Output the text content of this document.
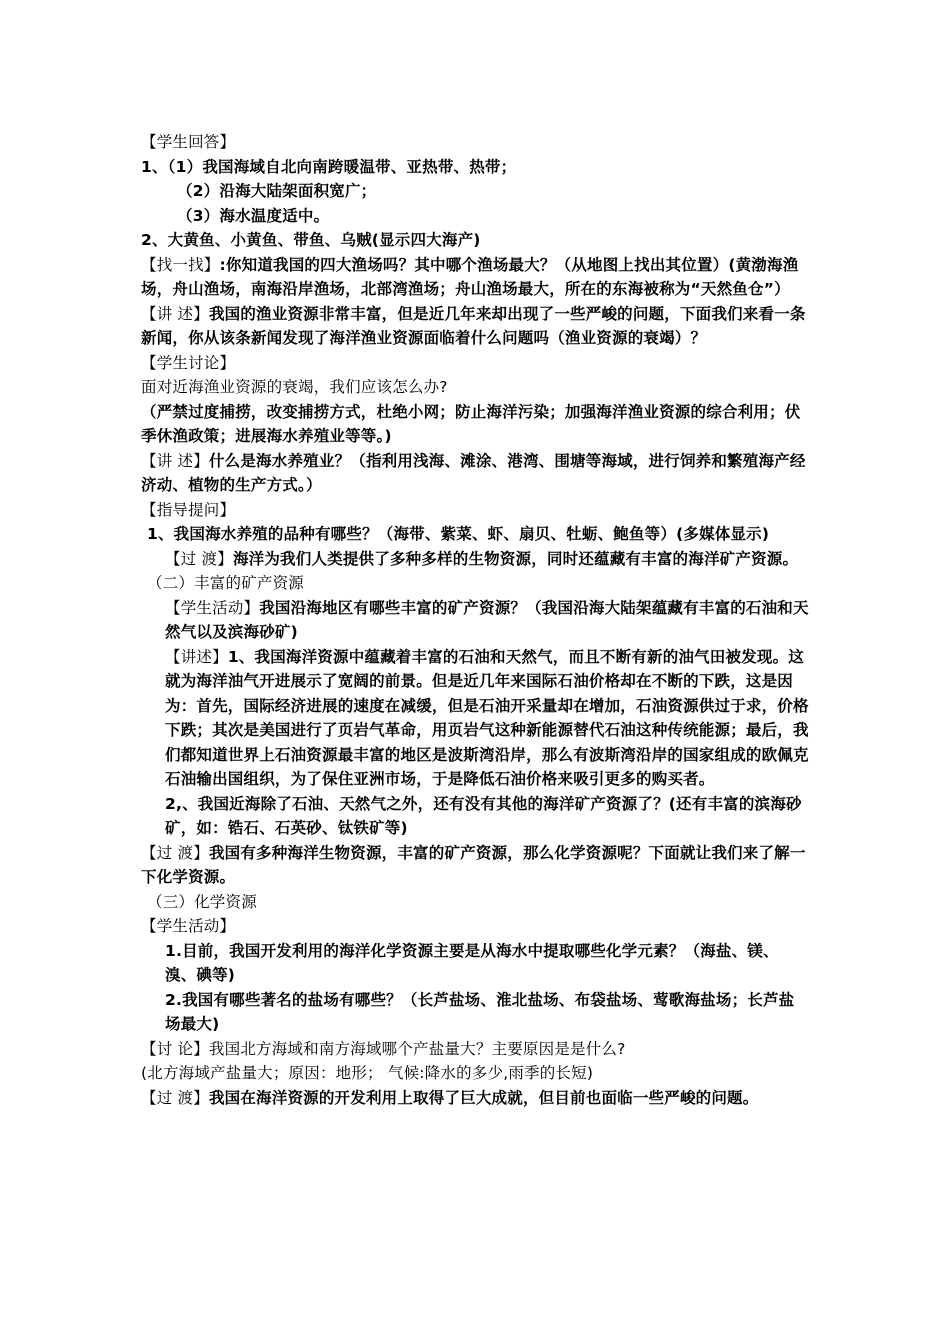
【学生回答】

1、（1）我国海域自北向南跨暖温带、亚热带、热带；

（2）沿海大陆架面积宽广；

（3）海水温度适中。

2、大黄鱼、小黄鱼、带鱼、乌贼(显示四大海产)

【找一找】:你知道我国的四大渔场吗？其中哪个渔场最大？（从地图上找出其位置）(黄渤海渔场，舟山渔场，南海沿岸渔场，北部湾渔场；舟山渔场最大，所在的东海被称为“天然鱼仓”）

【讲 述】我国的渔业资源非常丰富，但是近几年来却出现了一些严峻的问题，下面我们来看一条新闻，你从该条新闻发现了海洋渔业资源面临着什么问题吗（渔业资源的衰竭）？

【学生讨论】

面对近海渔业资源的衰竭，我们应该怎么办?

（严禁过度捕捞，改变捕捞方式，杜绝小网；防止海洋污染；加强海洋渔业资源的综合利用；伏季休渔政策；进展海水养殖业等等。)

【讲 述】什么是海水养殖业？（指利用浅海、滩涂、港湾、围塘等海域，进行饲养和繁殖海产经济动、植物的生产方式。）

【指导提问】

1、我国海水养殖的品种有哪些？（海带、紫菜、虾、扇贝、牡蛎、鲍鱼等）(多媒体显示)

【过 渡】海洋为我们人类提供了多种多样的生物资源，同时还蕴藏有丰富的海洋矿产资源。

（二）丰富的矿产资源

【学生活动】我国沿海地区有哪些丰富的矿产资源？（我国沿海大陆架蕴藏有丰富的石油和天然气以及滨海砂矿)

【讲述】1、我国海洋资源中蕴藏着丰富的石油和天然气，而且不断有新的油气田被发现。这就为海洋油气开进展示了宽阔的前景。但是近几年来国际石油价格却在不断的下跌，这是因为：首先，国际经济进展的速度在减缓，但是石油开采量却在增加，石油资源供过于求，价格下跌；其次是美国进行了页岩气革命，用页岩气这种新能源替代石油这种传统能源；最后，我们都知道世界上石油资源最丰富的地区是波斯湾沿岸，那么有波斯湾沿岸的国家组成的欧佩克石油输出国组织，为了保住亚洲市场，于是降低石油价格来吸引更多的购买者。

2,、我国近海除了石油、天然气之外，还有没有其他的海洋矿产资源了？(还有丰富的滨海砂矿，如：锆石、石英砂、钛铁矿等)

【过 渡】我国有多种海洋生物资源，丰富的矿产资源，那么化学资源呢？下面就让我们来了解一下化学资源。

（三）化学资源

【学生活动】

1.目前，我国开发利用的海洋化学资源主要是从海水中提取哪些化学元素？（海盐、镁、溴、碘等)

2.我国有哪些著名的盐场有哪些？（长芦盐场、淮北盐场、布袋盐场、莺歌海盐场；长芦盐场最大)

【讨 论】我国北方海域和南方海域哪个产盐量大？主要原因是是什么?

(北方海域产盐量大；原因：地形； 气候:降水的多少,雨季的长短)

【过 渡】我国在海洋资源的开发利用上取得了巨大成就，但目前也面临一些严峻的问题。
